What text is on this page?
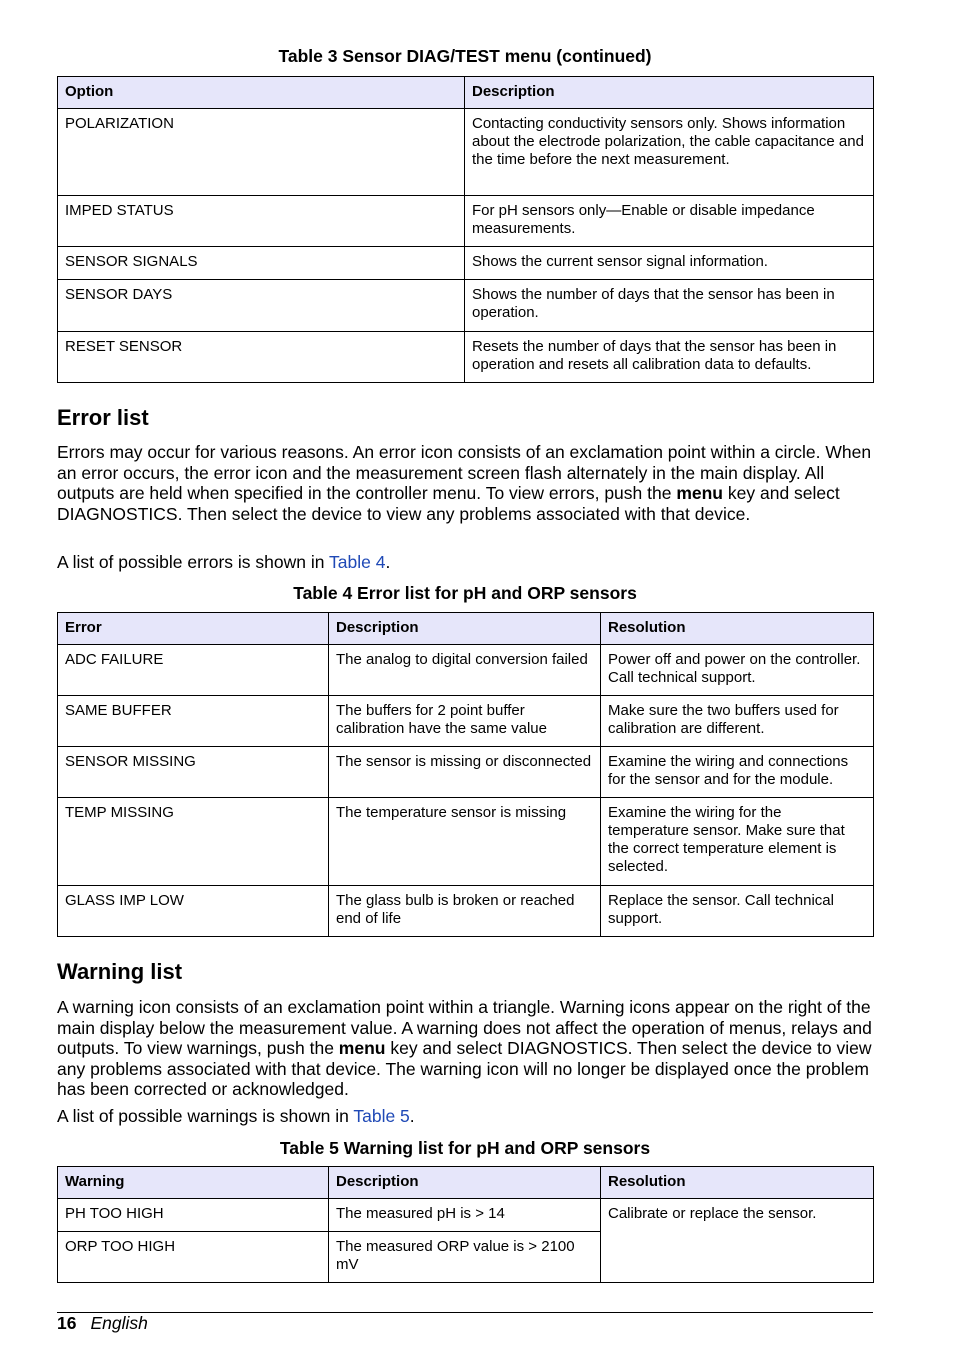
Table 3 Sensor DIAG/TEST menu (continued)
Option	Description
POLARIZATION	Contacting conductivity sensors only. Shows information about the electrode polarization, the cable capacitance and the time before the next measurement.
IMPED STATUS	For pH sensors only—Enable or disable impedance measurements.
SENSOR SIGNALS	Shows the current sensor signal information.
SENSOR DAYS	Shows the number of days that the sensor has been in operation.
RESET SENSOR	Resets the number of days that the sensor has been in operation and resets all calibration data to defaults.
Error list

Errors may occur for various reasons. An error icon consists of an exclamation point within a circle. When an error occurs, the error icon and the measurement screen flash alternately in the main display. All outputs are held when specified in the controller menu. To view errors, push the menu key and select DIAGNOSTICS. Then select the device to view any problems associated with that device.

A list of possible errors is shown in Table 4.

Table 4 Error list for pH and ORP sensors
Error	Description	Resolution
ADC FAILURE	The analog to digital conversion failed	Power off and power on the controller. Call technical support.
SAME BUFFER	The buffers for 2 point buffer calibration have the same value	Make sure the two buffers used for calibration are different.
SENSOR MISSING	The sensor is missing or disconnected	Examine the wiring and connections for the sensor and for the module.
TEMP MISSING	The temperature sensor is missing	Examine the wiring for the temperature sensor. Make sure that the correct temperature element is selected.
GLASS IMP LOW	The glass bulb is broken or reached end of life	Replace the sensor. Call technical support.
Warning list

A warning icon consists of an exclamation point within a triangle. Warning icons appear on the right of the main display below the measurement value. A warning does not affect the operation of menus, relays and outputs. To view warnings, push the menu key and select DIAGNOSTICS. Then select the device to view any problems associated with that device. The warning icon will no longer be displayed once the problem has been corrected or acknowledged.

A list of possible warnings is shown in Table 5.

Table 5 Warning list for pH and ORP sensors
Warning	Description	Resolution
PH TOO HIGH	The measured pH is > 14	Calibrate or replace the sensor.
ORP TOO HIGH	The measured ORP value is > 2100 mV	
16 English
